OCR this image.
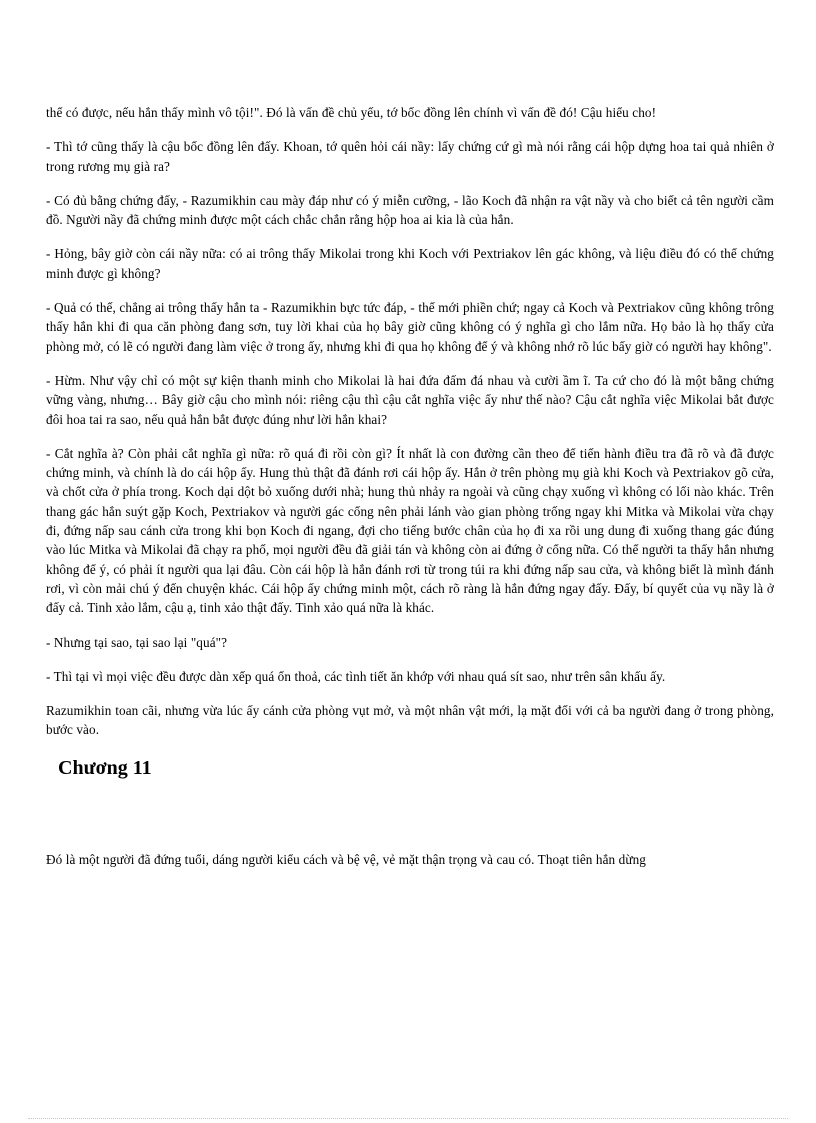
thể có được, nếu hắn thấy mình vô tội!". Đó là vấn đề chủ yếu, tớ bốc đồng lên chính vì vấn đề đó! Cậu hiểu cho!

- Thì tớ cũng thấy là cậu bốc đồng lên đấy. Khoan, tớ quên hỏi cái nầy: lấy chứng cứ gì mà nói rằng cái hộp dựng hoa tai quả nhiên ở trong rương mụ già ra?

- Có đủ bằng chứng đấy, - Razumikhin cau mày đáp như có ý miễn cưỡng, - lão Koch đã nhận ra vật nầy và cho biết cả tên người cầm đồ. Người nầy đã chứng minh được một cách chắc chắn rằng hộp hoa ai kia là của hắn.

- Hỏng, bây giờ còn cái nầy nữa: có ai trông thấy Mikolai trong khi Koch với Pextriakov lên gác không, và liệu điều đó có thể chứng minh được gì không?

- Quả có thế, chẳng ai trông thấy hắn ta - Razumikhin bực tức đáp, - thế mới phiền chứ; ngay cả Koch và Pextriakov cũng không trông thấy hắn khi đi qua căn phòng đang sơn, tuy lời khai của họ bây giờ cũng không có ý nghĩa gì cho lắm nữa. Họ bảo là họ thấy cửa phòng mở, có lẽ có người đang làm việc ở trong ấy, nhưng khi đi qua họ không để ý và không nhớ rõ lúc bấy giờ có người hay không".

- Hừm. Như vậy chỉ có một sự kiện thanh minh cho Mikolai là hai đứa đấm đá nhau và cười ầm ĩ. Ta cứ cho đó là một bằng chứng vững vàng, nhưng… Bây giờ cậu cho mình nói: riêng cậu thì cậu cắt nghĩa việc ấy như thế nào? Cậu cắt nghĩa việc Mikolai bắt được đôi hoa tai ra sao, nếu quả hắn bắt được đúng như lời hắn khai?

- Cắt nghĩa à? Còn phải cắt nghĩa gì nữa: rõ quá đi rồi còn gì? Ít nhất là con đường cần theo để tiến hành điều tra đã rõ và đã được chứng minh, và chính là do cái hộp ấy. Hung thủ thật đã đánh rơi cái hộp ấy. Hắn ở trên phòng mụ già khi Koch và Pextriakov gõ cửa, và chốt cửa ở phía trong. Koch dại dột bỏ xuống dưới nhà; hung thủ nhảy ra ngoài và cũng chạy xuống vì không có lối nào khác. Trên thang gác hắn suýt gặp Koch, Pextriakov và người gác cổng nên phải lánh vào gian phòng trống ngay khi Mitka và Mikolai vừa chạy đi, đứng nấp sau cánh cửa trong khi bọn Koch đi ngang, đợi cho tiếng bước chân của họ đi xa rồi ung dung đi xuống thang gác đúng vào lúc Mitka và Mikolai đã chạy ra phố, mọi người đều đã giải tán và không còn ai đứng ở cổng nữa. Có thể người ta thấy hắn nhưng không để ý, có phải ít người qua lại đâu. Còn cái hộp là hắn đánh rơi từ trong túi ra khi đứng nấp sau cửa, và không biết là mình đánh rơi, vì còn mải chú ý đến chuyện khác. Cái hộp ấy chứng minh một, cách rõ ràng là hắn đứng ngay đấy. Đấy, bí quyết của vụ nầy là ở đấy cả. Tinh xảo lắm, cậu ạ, tinh xảo thật đấy. Tinh xảo quá nữa là khác.

- Nhưng tại sao, tại sao lại "quá"?

- Thì tại vì mọi việc đều được dàn xếp quá ổn thoả, các tình tiết ăn khớp với nhau quá sít sao, như trên sân khấu ấy.

Razumikhin toan cãi, nhưng vừa lúc ấy cánh cửa phòng vụt mở, và một nhân vật mới, lạ mặt đối với cả ba người đang ở trong phòng, bước vào.

Chương 11

Đó là một người đã đứng tuổi, dáng người kiểu cách và bệ vệ, vẻ mặt thận trọng và cau có. Thoạt tiên hắn dừng
